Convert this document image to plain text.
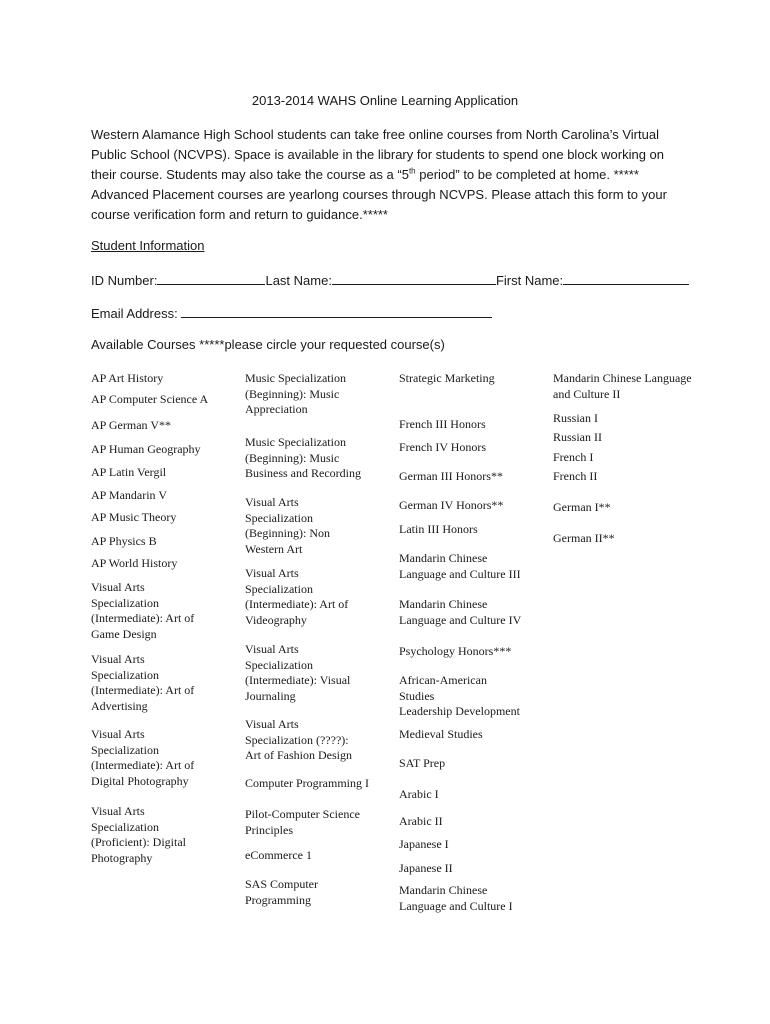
2013-2014 WAHS Online Learning Application
Western Alamance High School students can take free online courses from North Carolina’s Virtual Public School (NCVPS). Space is available in the library for students to spend one block working on their course. Students may also take the course as a “5th period” to be completed at home. ***** Advanced Placement courses are yearlong courses through NCVPS. Please attach this form to your course verification form and return to guidance.*****
Student Information
ID Number:	Last Name:	First Name:
Email Address:
Available Courses *****please circle your requested course(s)

AP Art History

AP Computer Science A

AP German V**

AP Human Geography

AP Latin Vergil

AP Mandarin V

AP Music Theory

AP Physics B

AP World History

Visual Arts Specialization (Intermediate): Art of Game Design

Visual Arts Specialization (Intermediate): Art of Advertising

Visual Arts Specialization (Intermediate): Art of Digital Photography

Visual Arts Specialization (Proficient): Digital Photography

Music Specialization (Beginning): Music Appreciation

Music Specialization (Beginning): Music Business and Recording

Visual Arts Specialization (Beginning): Non Western Art

Visual Arts Specialization (Intermediate): Art of Videography

Visual Arts Specialization (Intermediate): Visual Journaling

Visual Arts Specialization (????): Art of Fashion Design

Computer Programming I

Pilot-Computer Science Principles

eCommerce 1

SAS Computer Programming

Strategic Marketing

French III Honors

French IV Honors

German III Honors**

German IV Honors**

Latin III Honors

Mandarin Chinese Language and Culture III

Mandarin Chinese Language and Culture IV

Psychology Honors***

African-American Studies

Leadership Development

Medieval Studies

SAT Prep

Arabic I

Arabic II

Japanese I

Japanese II

Mandarin Chinese Language and Culture I

Mandarin Chinese Language and Culture II

Russian I

Russian II

French I

French II

German I**

German II**
